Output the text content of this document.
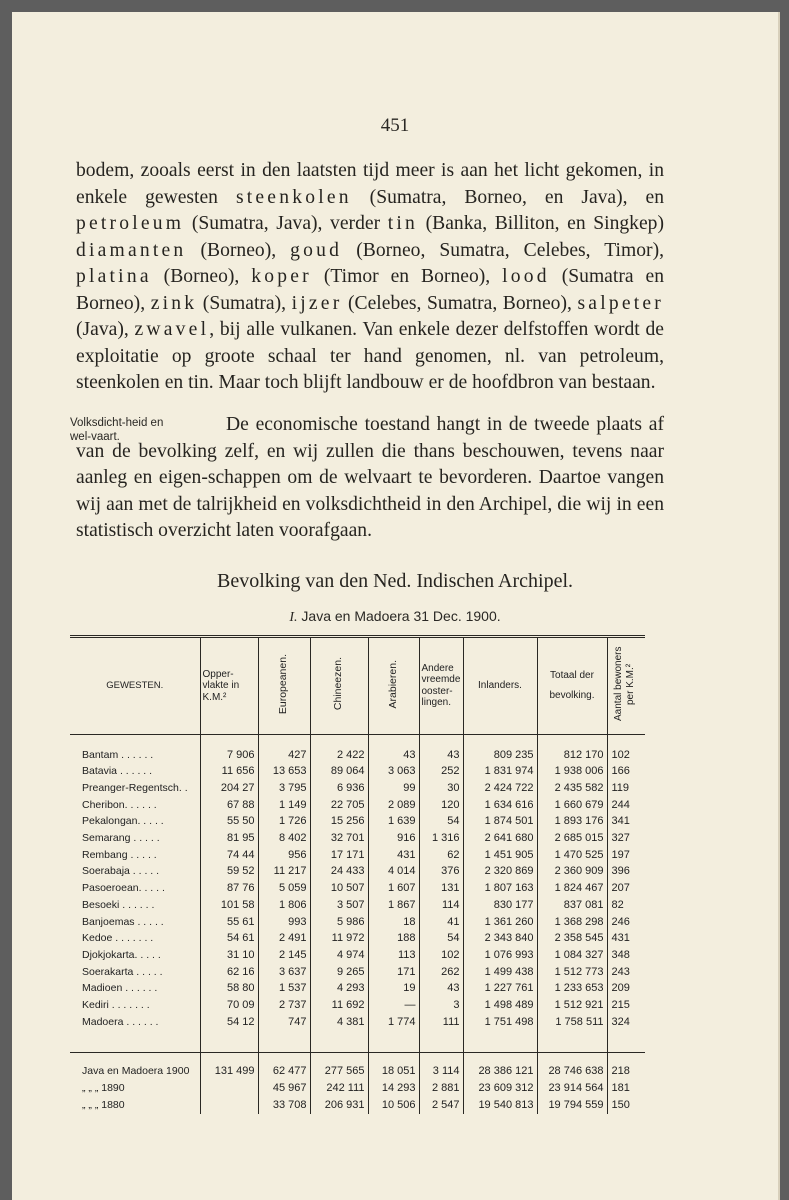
451

bodem, zooals eerst in den laatsten tijd meer is aan het licht gekomen, in enkele gewesten steenkolen (Sumatra, Borneo, en Java), en petroleum (Sumatra, Java), verder tin (Banka, Billiton, en Singkep) diamanten (Borneo), goud (Borneo, Sumatra, Celebes, Timor), platina (Borneo), koper (Timor en Borneo), lood (Sumatra en Borneo), zink (Sumatra), ijzer (Celebes, Sumatra, Borneo), salpeter (Java), zwavel, bij alle vulkanen. Van enkele dezer delfstoffen wordt de exploitatie op groote schaal ter hand genomen, nl. van petroleum, steenkolen en tin. Maar toch blijft landbouw er de hoofdbron van bestaan.

Volksdicht-heid en wel-vaart.

De economische toestand hangt in de tweede plaats af van de bevolking zelf, en wij zullen die thans beschouwen, tevens naar aanleg en eigen-schappen om de welvaart te bevorderen. Daartoe vangen wij aan met de talrijkheid en volksdichtheid in den Archipel, die wij in een statistisch overzicht laten voorafgaan.

Bevolking van den Ned. Indischen Archipel.

I. Java en Madoera 31 Dec. 1900.

GEWESTEN.	Opper-vlakte in K.M.²	Europeanen.	Chineezen.	Arabieren.	Andere vreemde ooster-lingen.	Inlanders.	Totaal der bevolking.	Aantal bewoners per K.M.²
Bantam . . . . . .	7 906	427	2 422	43	43	809 235	812 170	102
Batavia . . . . . .	11 656	13 653	89 064	3 063	252	1 831 974	1 938 006	166
Preanger-Regentsch. .	204 27	3 795	6 936	99	30	2 424 722	2 435 582	119
Cheribon. . . . . .	67 88	1 149	22 705	2 089	120	1 634 616	1 660 679	244
Pekalongan. . . . .	55 50	1 726	15 256	1 639	54	1 874 501	1 893 176	341
Semarang . . . . .	81 95	8 402	32 701	916	1 316	2 641 680	2 685 015	327
Rembang . . . . .	74 44	956	17 171	431	62	1 451 905	1 470 525	197
Soerabaja . . . . .	59 52	11 217	24 433	4 014	376	2 320 869	2 360 909	396
Pasoeroean. . . . .	87 76	5 059	10 507	1 607	131	1 807 163	1 824 467	207
Besoeki . . . . . .	101 58	1 806	3 507	1 867	114	830 177	837 081	82
Banjoemas . . . . .	55 61	993	5 986	18	41	1 361 260	1 368 298	246
Kedoe . . . . . . .	54 61	2 491	11 972	188	54	2 343 840	2 358 545	431
Djokjokarta. . . . .	31 10	2 145	4 974	113	102	1 076 993	1 084 327	348
Soerakarta . . . . .	62 16	3 637	9 265	171	262	1 499 438	1 512 773	243
Madioen . . . . . .	58 80	1 537	4 293	19	43	1 227 761	1 233 653	209
Kediri . . . . . . .	70 09	2 737	11 692	—	3	1 498 489	1 512 921	215
Madoera . . . . . .	54 12	747	4 381	1 774	111	1 751 498	1 758 511	324

Java en Madoera 1900	131 499	62 477	277 565	18 051	3 114	28 386 121	28 746 638	218
„ „ „ 1890		45 967	242 111	14 293	2 881	23 609 312	23 914 564	181
„ „ „ 1880		33 708	206 931	10 506	2 547	19 540 813	19 794 559	150
